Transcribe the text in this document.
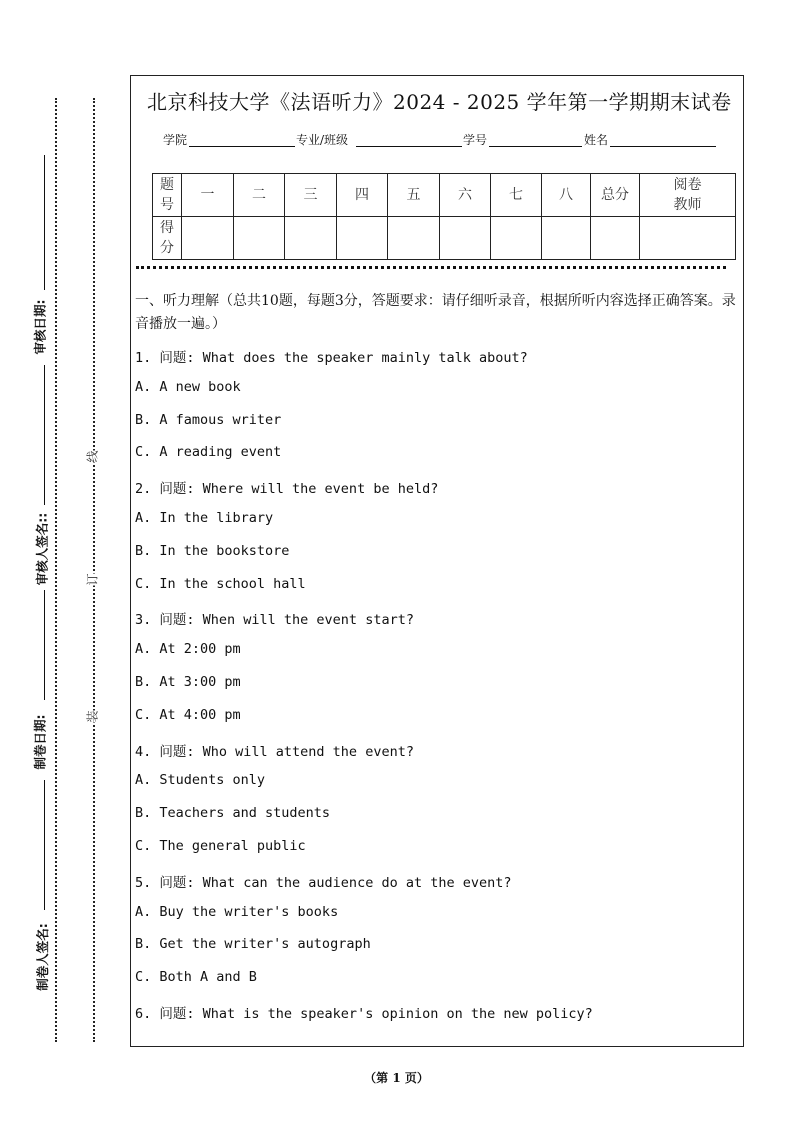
审核日期:
审核人签名::
制卷日期:
制卷人签名:
线
订
装
北京科技大学《法语听力》2024 - 2025 学年第一学期期末试卷
学院	专业/班级	学号	姓名
题号	一	二	三	四	五	六	七	八	总分	阅卷教师
得分										
一、听力理解（总共10题，每题3分，答题要求：请仔细听录音，根据所听内容选择正确答案。录音播放一遍。）
1. 问题: What does the speaker mainly talk about?
A. A new book
B. A famous writer
C. A reading event
2. 问题: Where will the event be held?
A. In the library
B. In the bookstore
C. In the school hall
3. 问题: When will the event start?
A. At 2:00 pm
B. At 3:00 pm
C. At 4:00 pm
4. 问题: Who will attend the event?
A. Students only
B. Teachers and students
C. The general public
5. 问题: What can the audience do at the event?
A. Buy the writer's books
B. Get the writer's autograph
C. Both A and B
6. 问题: What is the speaker's opinion on the new policy?
（第 1 页）
